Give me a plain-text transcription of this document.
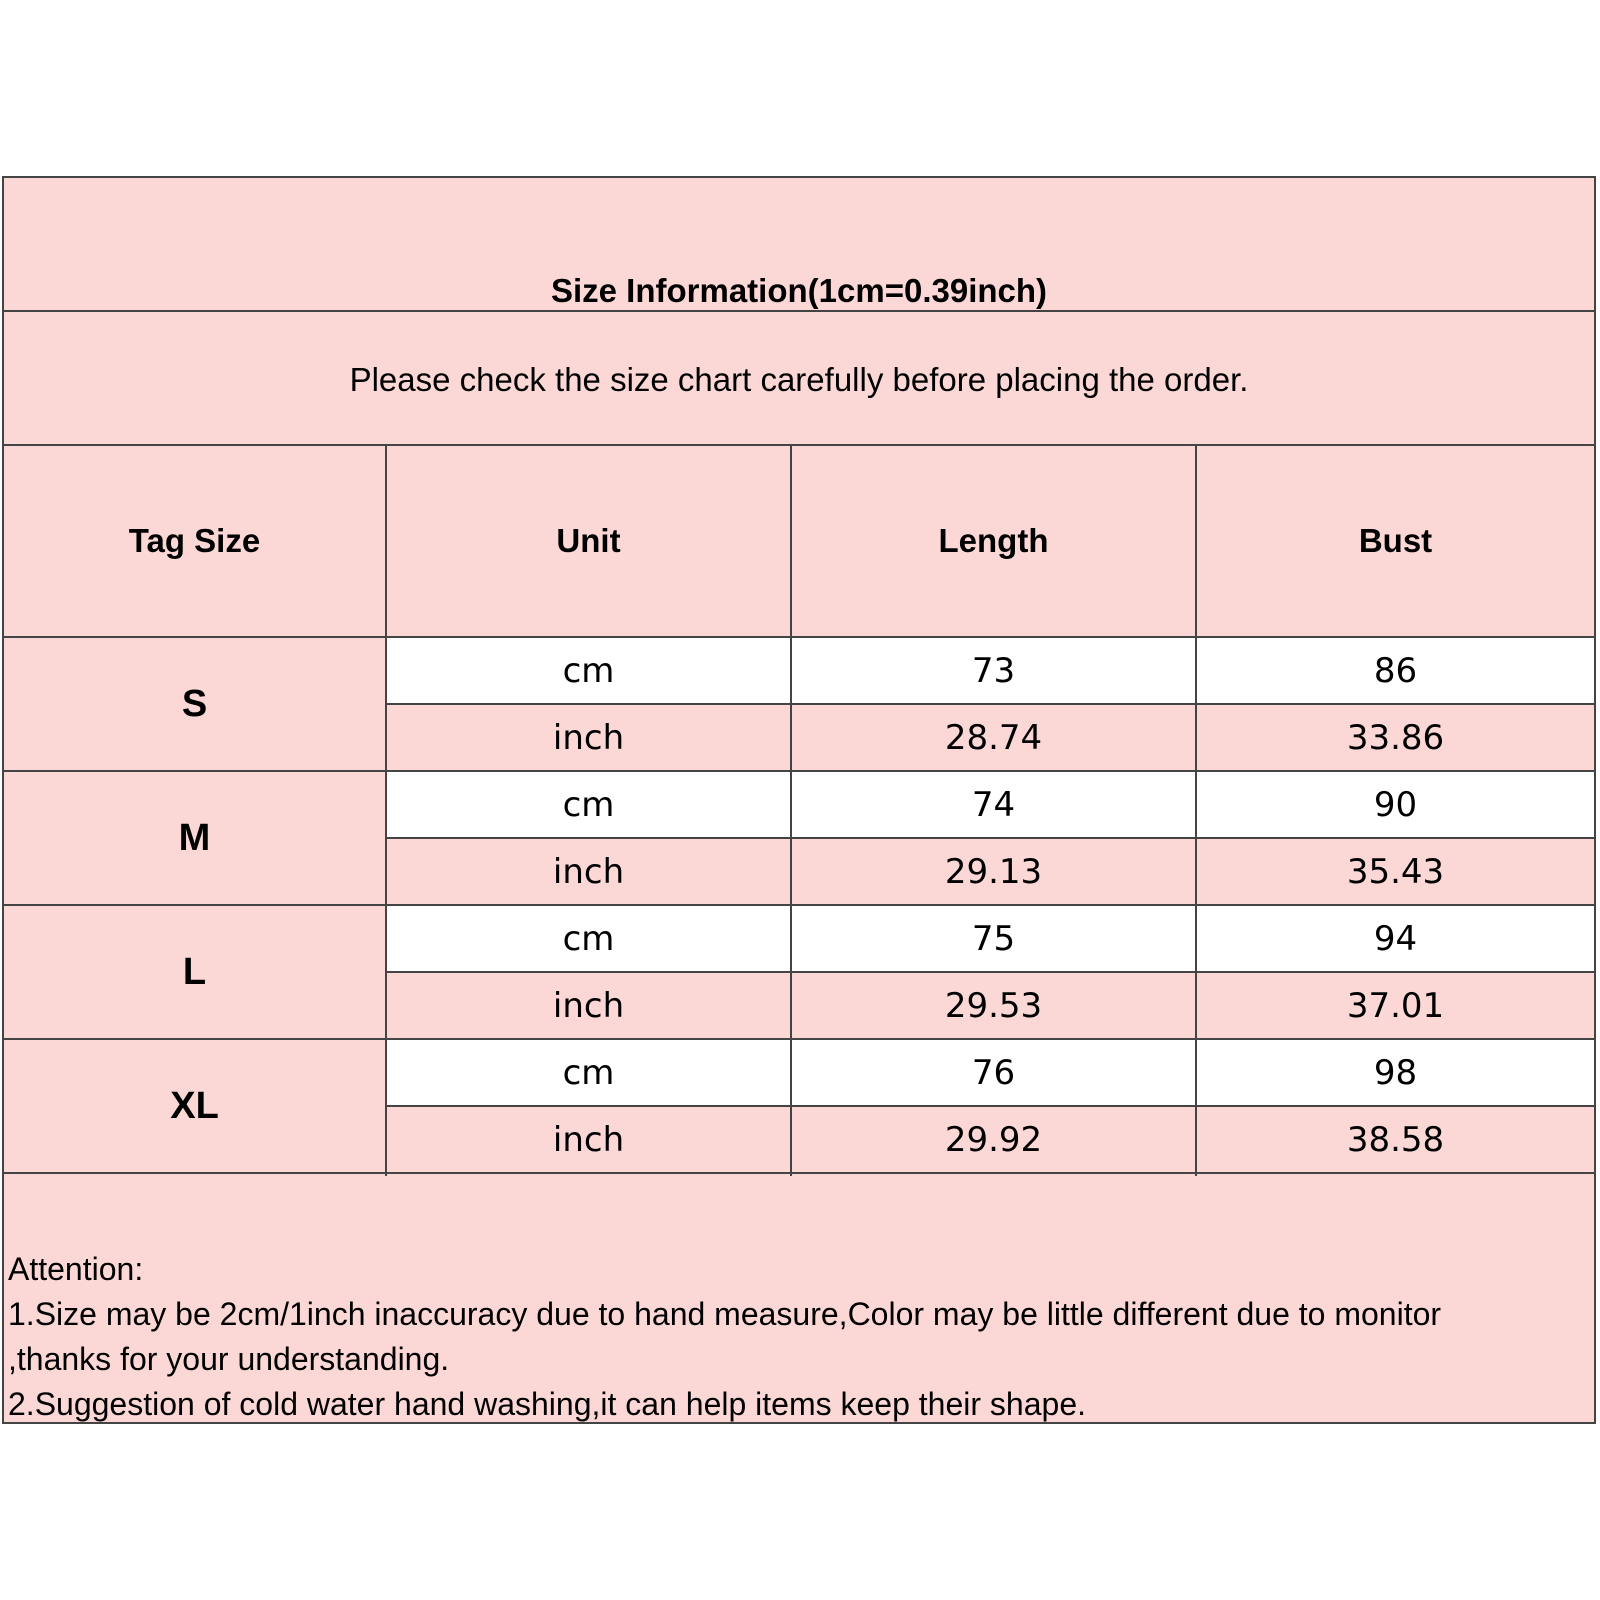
Size Information(1cm=0.39inch)
Please check the size chart carefully before placing the order.
Tag Size	Unit	Length	Bust
S
cm	73	86
inch	28.74	33.86
M
cm	74	90
inch	29.13	35.43
L
cm	75	94
inch	29.53	37.01
XL
cm	76	98
inch	29.92	38.58
Attention:
1.Size may be 2cm/1inch inaccuracy due to hand measure,Color may be little different due to monitor
,thanks for your understanding.
2.Suggestion of cold water hand washing,it can help items keep their shape.
